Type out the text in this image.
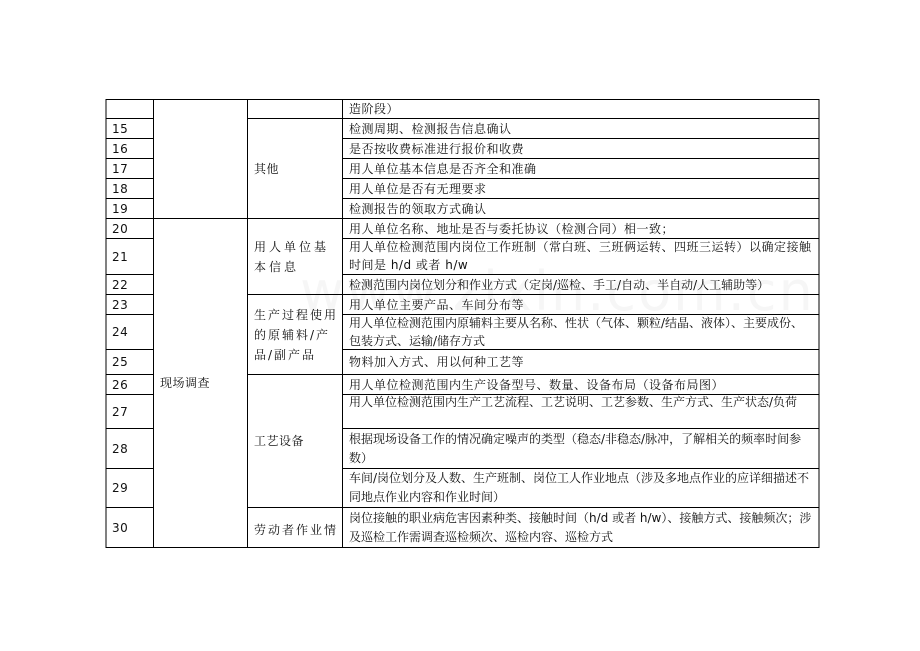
15
16
17
18
19
20
21
22
23
24
25
26
27
28
29
30
现场调查
其他
用人单位基本信息
生产过程使用的原辅料/产品/副产品
工艺设备
劳动者作业情
造阶段）
检测周期、检测报告信息确认
是否按收费标准进行报价和收费
用人单位基本信息是否齐全和准确
用人单位是否有无理要求
检测报告的领取方式确认
用人单位名称、地址是否与委托协议（检测合同）相一致；
用人单位检测范围内岗位工作班制（常白班、三班俩运转、四班三运转）以确定接触时间是 h/d 或者 h/w
检测范围内岗位划分和作业方式（定岗/巡检、手工/自动、半自动/人工辅助等）
用人单位主要产品、车间分布等
用人单位检测范围内原辅料主要从名称、性状（气体、颗粒/结晶、液体）、主要成份、包装方式、运输/储存方式
物料加入方式、用以何种工艺等
用人单位检测范围内生产设备型号、数量、设备布局（设备布局图）
用人单位检测范围内生产工艺流程、工艺说明、工艺参数、生产方式、生产状态/负荷
根据现场设备工作的情况确定噪声的类型（稳态/非稳态/脉冲，了解相关的频率时间参数）
车间/岗位划分及人数、生产班制、岗位工人作业地点（涉及多地点作业的应详细描述不同地点作业内容和作业时间）
岗位接触的职业病危害因素种类、接触时间（h/d 或者 h/w）、接触方式、接触频次；涉及巡检工作需调查巡检频次、巡检内容、巡检方式
